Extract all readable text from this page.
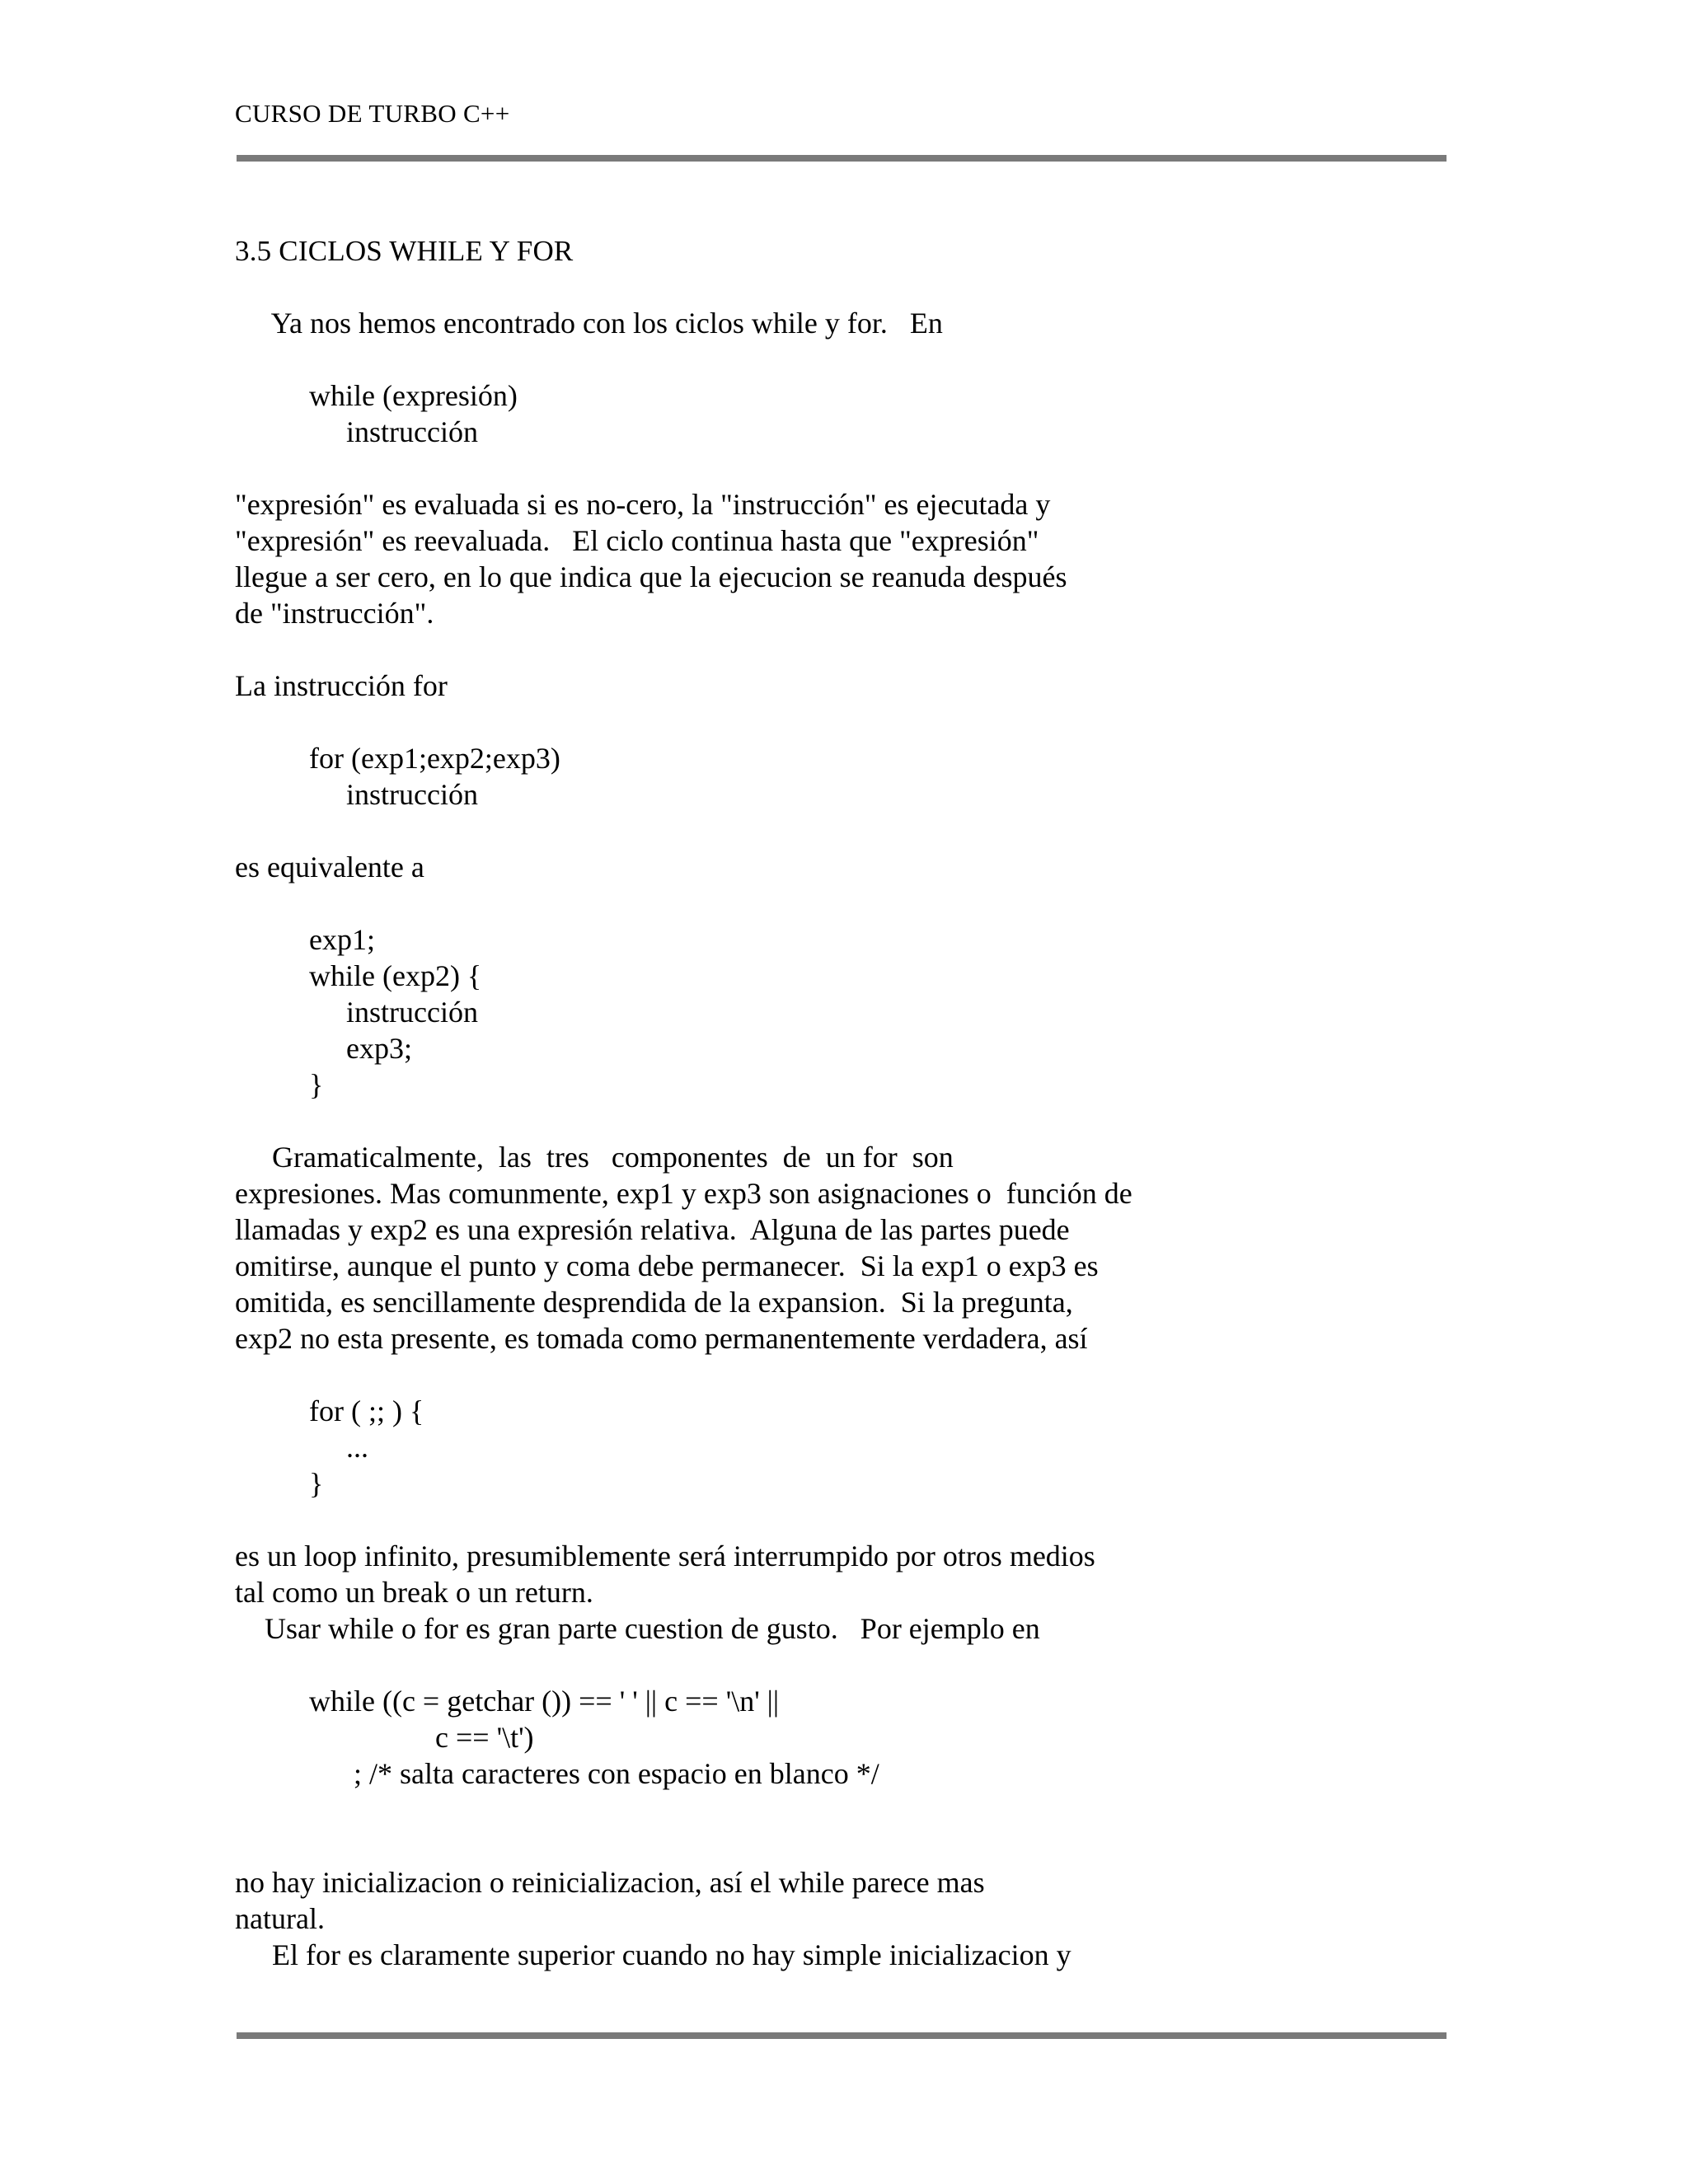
CURSO DE TURBO C++
3.5 CICLOS WHILE Y FOR
Ya nos hemos encontrado con los ciclos while y for.   En
while (expresión)
instrucción
"expresión" es evaluada si es no-cero, la "instrucción" es ejecutada y
"expresión" es reevaluada.   El ciclo continua hasta que "expresión"
llegue a ser cero, en lo que indica que la ejecucion se reanuda después
de "instrucción".
La instrucción for
for (exp1;exp2;exp3)
instrucción
es equivalente a
exp1;
while (exp2) {
instrucción
exp3;
}
Gramaticalmente,  las  tres   componentes  de  un for  son
expresiones. Mas comunmente, exp1 y exp3 son asignaciones o  función de
llamadas y exp2 es una expresión relativa.  Alguna de las partes puede
omitirse, aunque el punto y coma debe permanecer.  Si la exp1 o exp3 es
omitida, es sencillamente desprendida de la expansion.  Si la pregunta,
exp2 no esta presente, es tomada como permanentemente verdadera, así
for ( ;; ) {
...
}
es un loop infinito, presumiblemente será interrumpido por otros medios
tal como un break o un return.
Usar while o for es gran parte cuestion de gusto.   Por ejemplo en
while ((c = getchar ()) == ' ' || c == '\n' ||
c == '\t')
; /* salta caracteres con espacio en blanco */
no hay inicializacion o reinicializacion, así el while parece mas
natural.
El for es claramente superior cuando no hay simple inicializacion y
